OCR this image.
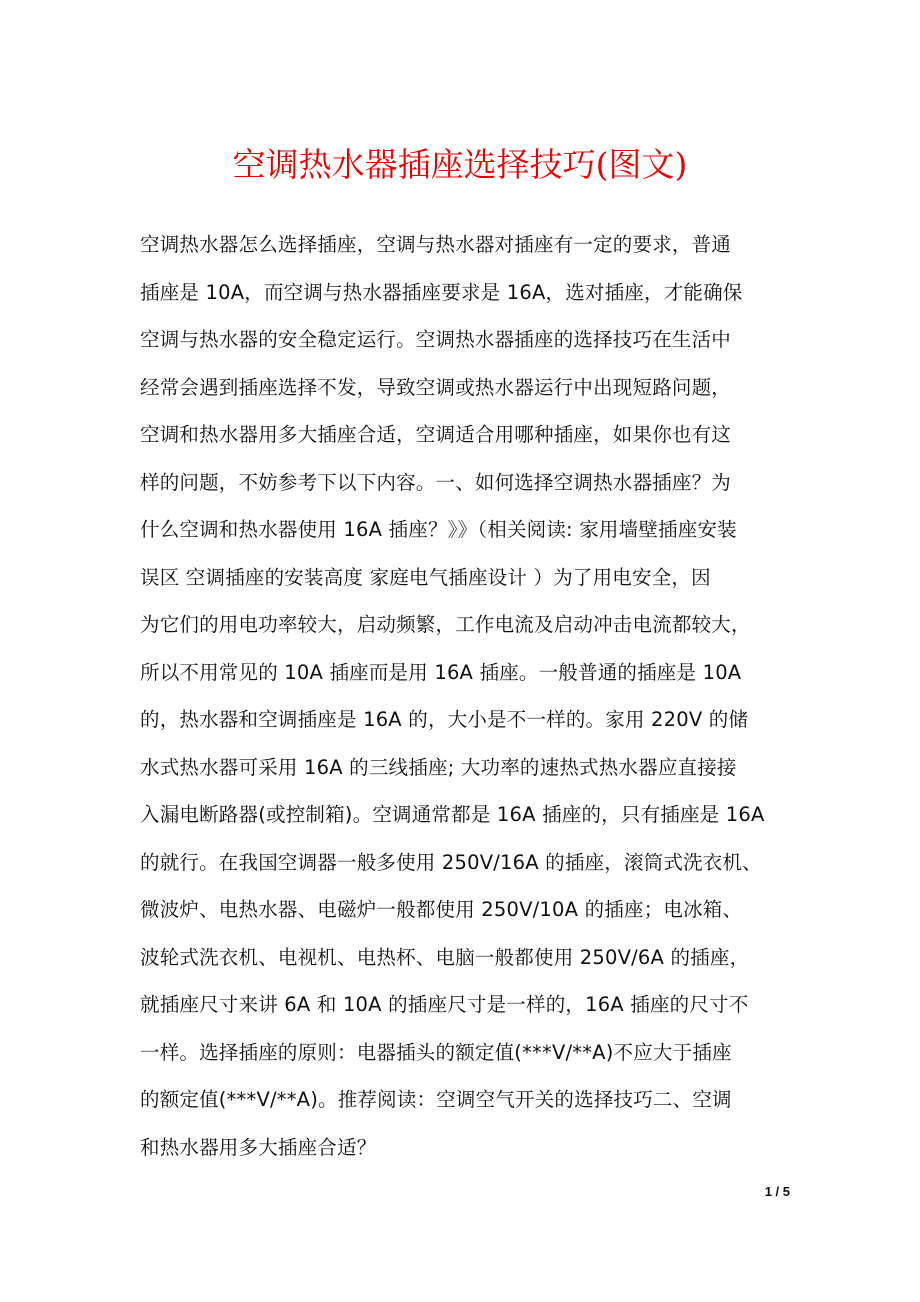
空调热水器插座选择技巧(图文)
空调热水器怎么选择插座，空调与热水器对插座有一定的要求，普通
插座是 10A，而空调与热水器插座要求是 16A，选对插座，才能确保
空调与热水器的安全稳定运行。空调热水器插座的选择技巧在生活中
经常会遇到插座选择不发，导致空调或热水器运行中出现短路问题，
空调和热水器用多大插座合适，空调适合用哪种插座，如果你也有这
样的问题，不妨参考下以下内容。一、如何选择空调热水器插座？为
什么空调和热水器使用 16A 插座？》》（相关阅读: 家用墙壁插座安装
误区 空调插座的安装高度 家庭电气插座设计 ）为了用电安全，因
为它们的用电功率较大，启动频繁，工作电流及启动冲击电流都较大，
所以不用常见的 10A 插座而是用 16A 插座。一般普通的插座是 10A
的，热水器和空调插座是 16A 的，大小是不一样的。家用 220V 的储
水式热水器可采用 16A 的三线插座; 大功率的速热式热水器应直接接
入漏电断路器(或控制箱)。空调通常都是 16A 插座的，只有插座是 16A
的就行。在我国空调器一般多使用 250V/16A 的插座，滚筒式洗衣机、
微波炉、电热水器、电磁炉一般都使用 250V/10A 的插座；电冰箱、
波轮式洗衣机、电视机、电热杯、电脑一般都使用 250V/6A 的插座，
就插座尺寸来讲 6A 和 10A 的插座尺寸是一样的，16A 插座的尺寸不
一样。选择插座的原则：电器插头的额定值(***V/**A)不应大于插座
的额定值(***V/**A)。推荐阅读：空调空气开关的选择技巧二、空调
和热水器用多大插座合适？
1 / 5
